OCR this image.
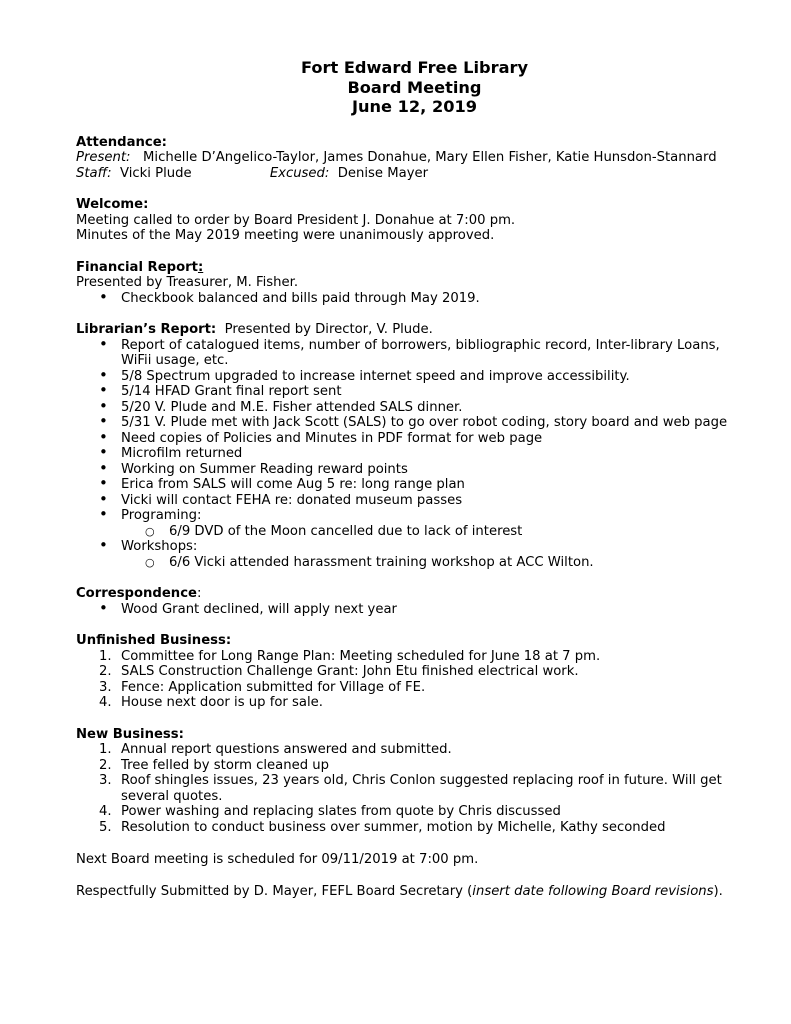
Fort Edward Free Library
Board Meeting
June 12, 2019
Attendance:
Present: Michelle D’Angelico-Taylor, James Donahue, Mary Ellen Fisher, Katie Hunsdon-Stannard
Staff: Vicki Plude	Excused: Denise Mayer
Welcome:
Meeting called to order by Board President J. Donahue at 7:00 pm.
Minutes of the May 2019 meeting were unanimously approved.
Financial Report:
Presented by Treasurer, M. Fisher.
• Checkbook balanced and bills paid through May 2019.
Librarian’s Report: Presented by Director, V. Plude.
• Report of catalogued items, number of borrowers, bibliographic record, Inter-library Loans,
WiFii usage, etc.
• 5/8 Spectrum upgraded to increase internet speed and improve accessibility.
• 5/14 HFAD Grant final report sent
• 5/20 V. Plude and M.E. Fisher attended SALS dinner.
• 5/31 V. Plude met with Jack Scott (SALS) to go over robot coding, story board and web page
• Need copies of Policies and Minutes in PDF format for web page
• Microfilm returned
• Working on Summer Reading reward points
• Erica from SALS will come Aug 5 re: long range plan
• Vicki will contact FEHA re: donated museum passes
• Programing:
○ 6/9 DVD of the Moon cancelled due to lack of interest
• Workshops:
○ 6/6 Vicki attended harassment training workshop at ACC Wilton.
Correspondence:
• Wood Grant declined, will apply next year
Unfinished Business:
1. Committee for Long Range Plan: Meeting scheduled for June 18 at 7 pm.
2. SALS Construction Challenge Grant: John Etu finished electrical work.
3. Fence: Application submitted for Village of FE.
4. House next door is up for sale.
New Business:
1. Annual report questions answered and submitted.
2. Tree felled by storm cleaned up
3. Roof shingles issues, 23 years old, Chris Conlon suggested replacing roof in future. Will get
several quotes.
4. Power washing and replacing slates from quote by Chris discussed
5. Resolution to conduct business over summer, motion by Michelle, Kathy seconded
Next Board meeting is scheduled for 09/11/2019 at 7:00 pm.
Respectfully Submitted by D. Mayer, FEFL Board Secretary (insert date following Board revisions).
